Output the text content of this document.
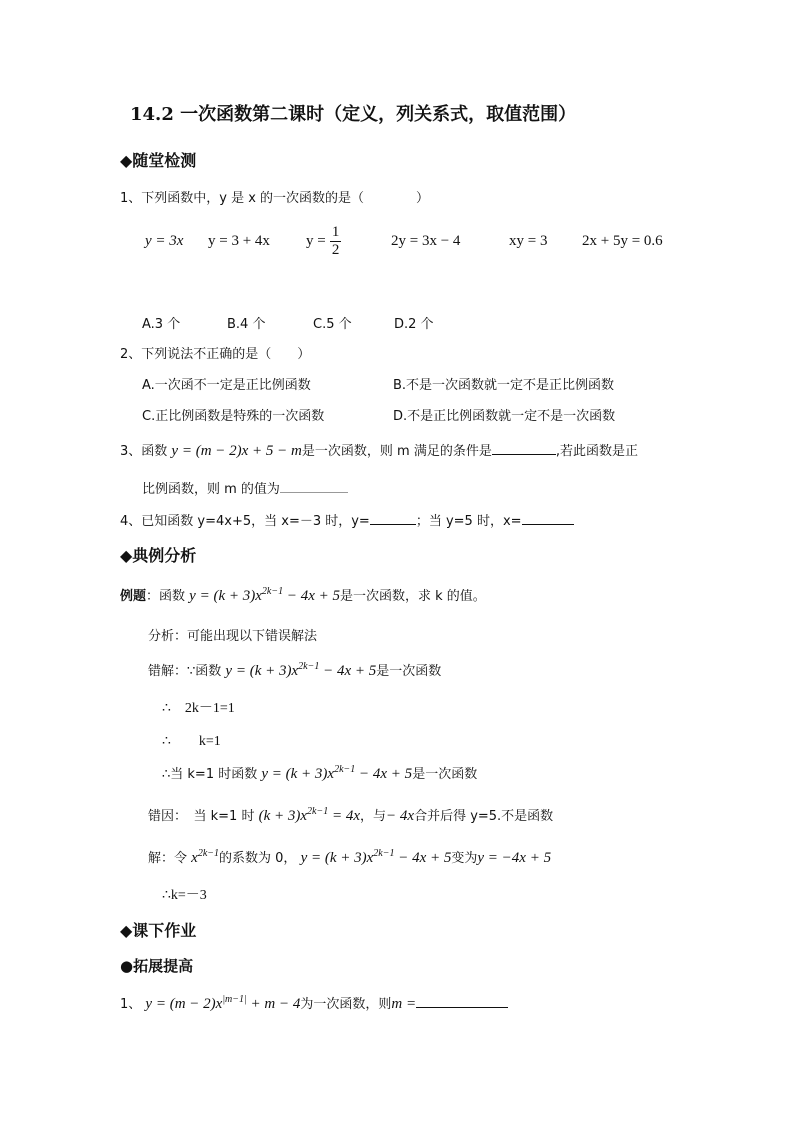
14.2 一次函数第二课时（定义，列关系式，取值范围）
◆随堂检测
1、下列函数中，y 是 x 的一次函数的是（　　　　）
y = 3x y = 3 + 4x $y = \frac{1}{2}$	2y = 3x − 4	xy = 3 2x + 5y = 0.6
A.3 个	B.4 个	C.5 个	D.2 个
2、下列说法不正确的是（　　）
A.一次函不一定是正比例函数	B.不是一次函数就一定不是正比例函数
C.正比例函数是特殊的一次函数	D.不是正比例函数就一定不是一次函数
3、函数 y = (m − 2)x + 5 − m是一次函数，则 m 满足的条件是	,若此函数是正
比例函数，则 m 的值为
4、已知函数 y=4x+5，当 x=－3 时，y=	；当 y=5 时，x=
◆典例分析
例题：函数 $y = (k + 3)x^{2k-1} - 4x + 5$是一次函数，求 k 的值。
分析：可能出现以下错误解法
错解：∵函数 $y = (k + 3)x^{2k-1} - 4x + 5$是一次函数
∴　2k－1=1
∴　　k=1
∴当 k=1 时函数 $y = (k + 3)x^{2k-1} - 4x + 5$是一次函数
错因：　当 k=1 时 $(k + 3)x^{2k-1} = 4x$，与− 4x合并后得 y=5.不是函数
解：令 $x^{2k-1}$的系数为 0， $y = (k + 3)x^{2k-1} - 4x + 5$变为y = −4x + 5
∴k=－3
◆课下作业
●拓展提高
1、 $y = (m - 2)x^{|m-1|} + m - 4$为一次函数，则m =
